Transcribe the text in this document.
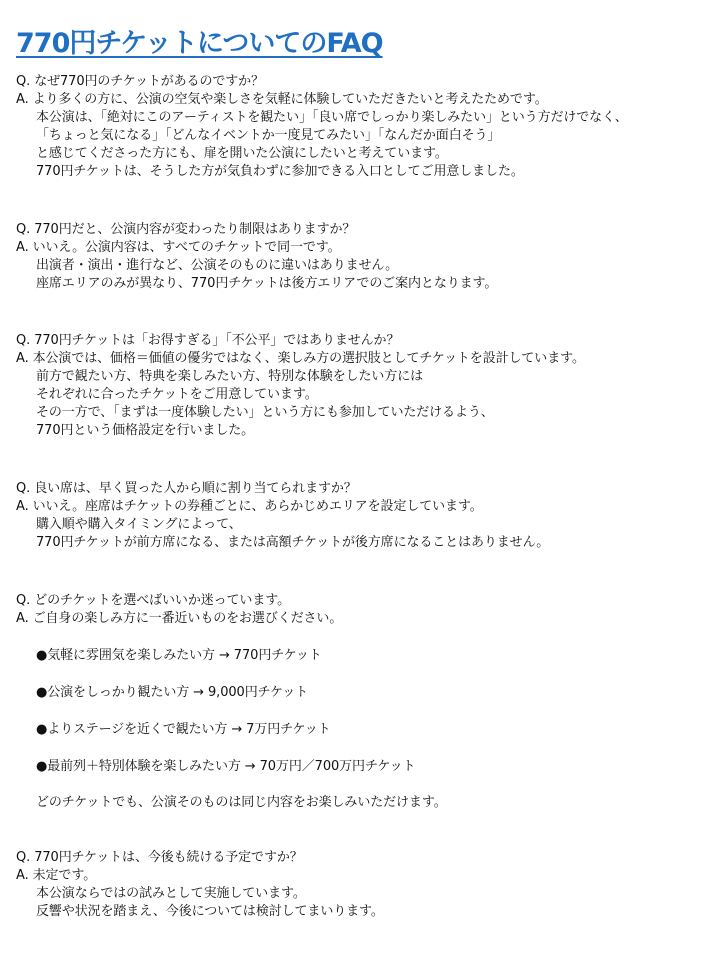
770円チケットについてのFAQ
Q. なぜ770円のチケットがあるのですか？
A. より多くの方に、公演の空気や楽しさを気軽に体験していただきたいと考えたためです。
本公演は、「絶対にこのアーティストを観たい」「良い席でしっかり楽しみたい」という方だけでなく、
「ちょっと気になる」「どんなイベントか一度見てみたい」「なんだか面白そう」
と感じてくださった方にも、扉を開いた公演にしたいと考えています。
770円チケットは、そうした方が気負わずに参加できる入口としてご用意しました。
Q. 770円だと、公演内容が変わったり制限はありますか？
A. いいえ。公演内容は、すべてのチケットで同一です。
出演者・演出・進行など、公演そのものに違いはありません。
座席エリアのみが異なり、770円チケットは後方エリアでのご案内となります。
Q. 770円チケットは「お得すぎる」「不公平」ではありませんか？
A. 本公演では、価格＝価値の優劣ではなく、楽しみ方の選択肢としてチケットを設計しています。
前方で観たい方、特典を楽しみたい方、特別な体験をしたい方には
それぞれに合ったチケットをご用意しています。
その一方で、「まずは一度体験したい」という方にも参加していただけるよう、
770円という価格設定を行いました。
Q. 良い席は、早く買った人から順に割り当てられますか？
A. いいえ。座席はチケットの券種ごとに、あらかじめエリアを設定しています。
購入順や購入タイミングによって、
770円チケットが前方席になる、または高額チケットが後方席になることはありません。
Q. どのチケットを選べばいいか迷っています。
A. ご自身の楽しみ方に一番近いものをお選びください。
●気軽に雰囲気を楽しみたい方 → 770円チケット
●公演をしっかり観たい方 → 9,000円チケット
●よりステージを近くで観たい方 → 7万円チケット
●最前列＋特別体験を楽しみたい方 → 70万円／700万円チケット
どのチケットでも、公演そのものは同じ内容をお楽しみいただけます。
Q. 770円チケットは、今後も続ける予定ですか？
A. 未定です。
本公演ならではの試みとして実施しています。
反響や状況を踏まえ、今後については検討してまいります。
